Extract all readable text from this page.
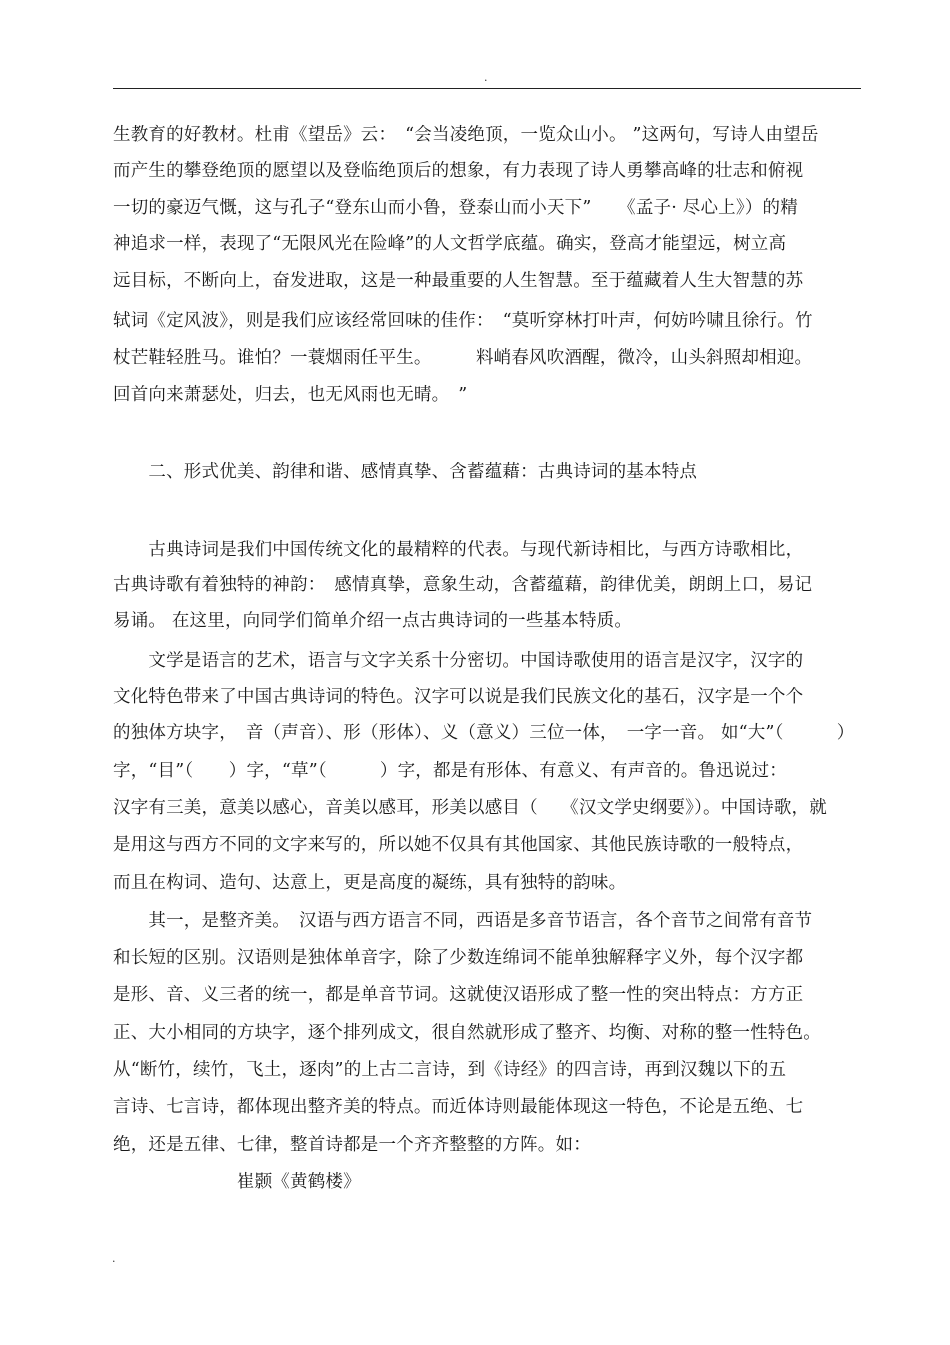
.
生教育的好教材。杜甫《望岳》云：　“会当凌绝顶，一览众山小。 ”这两句，写诗人由望岳
而产生的攀登绝顶的愿望以及登临绝顶后的想象，有力表现了诗人勇攀高峰的壮志和俯视
一切的豪迈气慨，这与孔子“登东山而小鲁，登泰山而小天下”　　《孟子· 尽心上》）的精
神追求一样，表现了“无限风光在险峰”的人文哲学底蕴。确实，登高才能望远，树立高
远目标，不断向上，奋发进取，这是一种最重要的人生智慧。至于蕴藏着人生大智慧的苏
轼词《定风波》，则是我们应该经常回味的佳作：　“莫听穿林打叶声，何妨吟啸且徐行。竹
杖芒鞋轻胜马。谁怕？一蓑烟雨任平生。　　　料峭春风吹酒醒，微冷，山头斜照却相迎。
回首向来萧瑟处，归去，也无风雨也无晴。　”
　　二、形式优美、韵律和谐、感情真挚、含蓄蕴藉：古典诗词的基本特点
　　古典诗词是我们中国传统文化的最精粹的代表。与现代新诗相比，与西方诗歌相比，
古典诗歌有着独特的神韵：　感情真挚，意象生动，含蓄蕴藉，韵律优美，朗朗上口，易记
易诵。 在这里，向同学们简单介绍一点古典诗词的一些基本特质。
　　文学是语言的艺术，语言与文字关系十分密切。中国诗歌使用的语言是汉字，汉字的
文化特色带来了中国古典诗词的特色。汉字可以说是我们民族文化的基石，汉字是一个个
的独体方块字，　音（声音）、形（形体）、义（意义）三位一体，　一字一音。 如“大”（　　　）
字，“目”（　　）字，“草”（　　　）字，都是有形体、有意义、有声音的。鲁迅说过：
汉字有三美，意美以感心，音美以感耳，形美以感目（　 《汉文学史纲要》）。中国诗歌，就
是用这与西方不同的文字来写的，所以她不仅具有其他国家、其他民族诗歌的一般特点，
而且在构词、造句、达意上，更是高度的凝练，具有独特的韵味。
　　其一，是整齐美。　汉语与西方语言不同，西语是多音节语言，各个音节之间常有音节
和长短的区别。汉语则是独体单音字，除了少数连绵词不能单独解释字义外，每个汉字都
是形、音、义三者的统一，都是单音节词。这就使汉语形成了整一性的突出特点：方方正
正、大小相同的方块字，逐个排列成文，很自然就形成了整齐、均衡、对称的整一性特色。
从“断竹，续竹，飞土，逐肉”的上古二言诗，到《诗经》的四言诗，再到汉魏以下的五
言诗、七言诗，都体现出整齐美的特点。而近体诗则最能体现这一特色，不论是五绝、七
绝，还是五律、七律，整首诗都是一个齐齐整整的方阵。如：
　　　　　　　崔颢《黄鹤楼》
.
